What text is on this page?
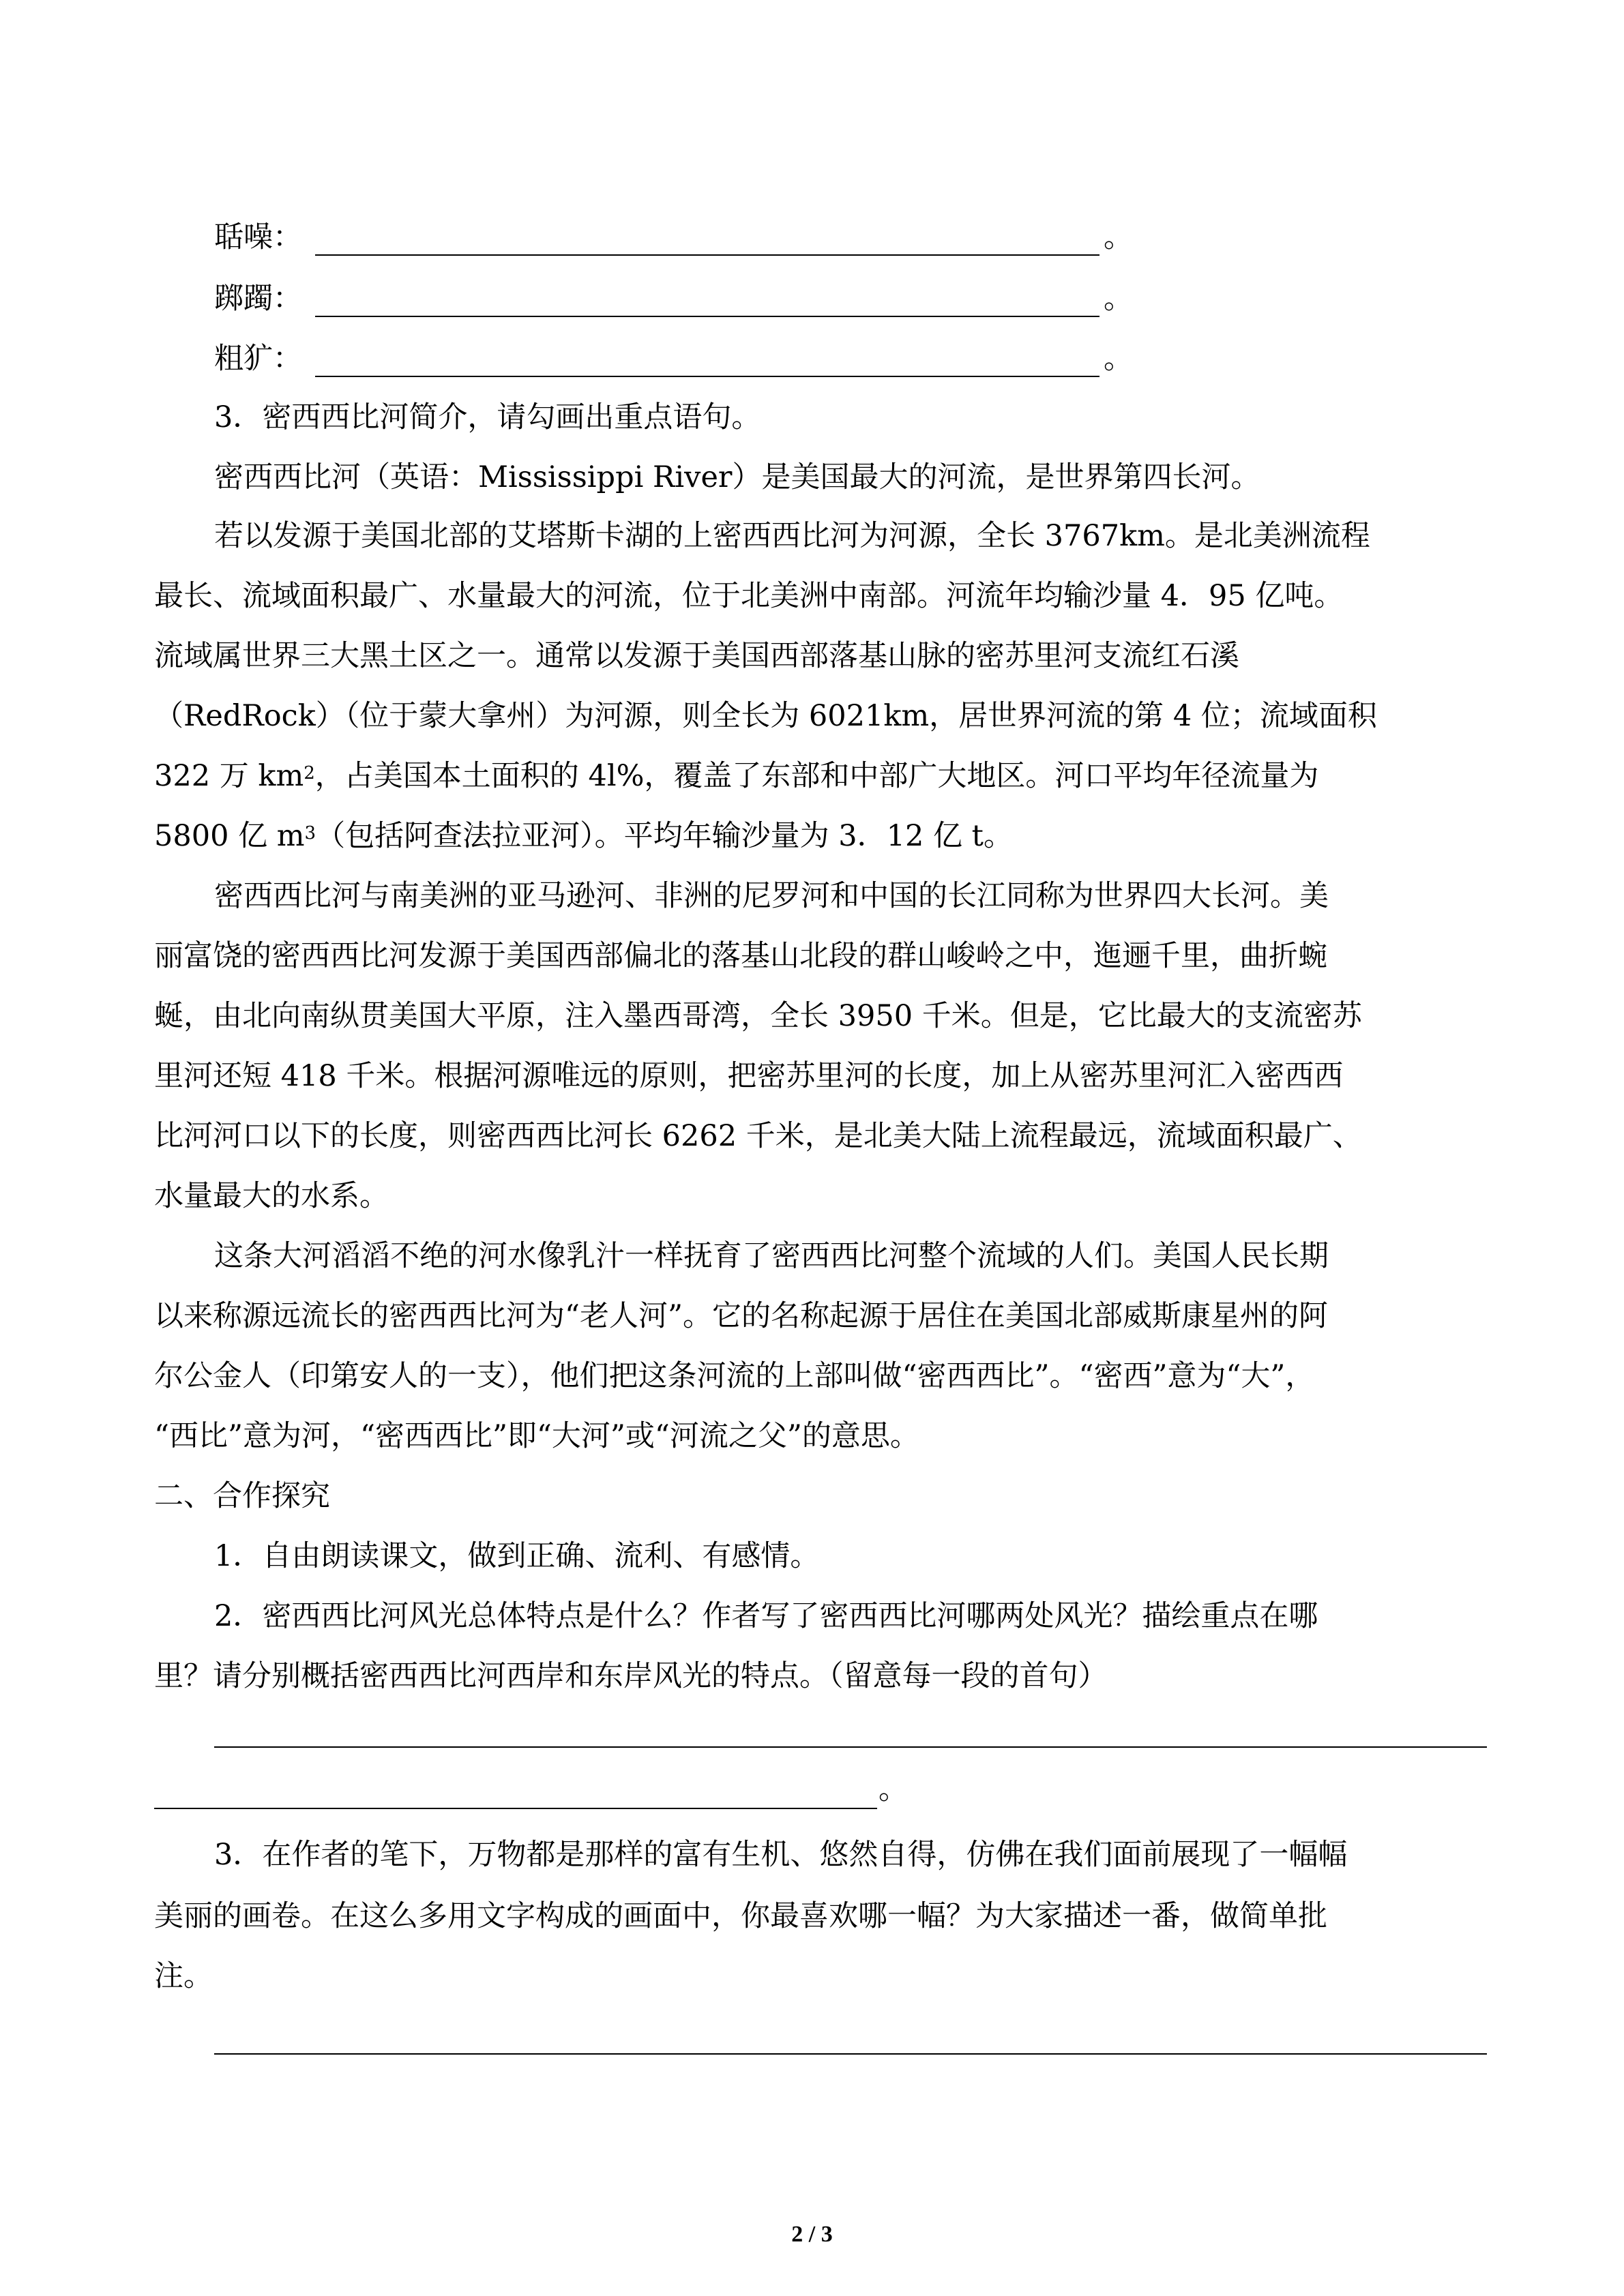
聒噪：	。
踯躅：	。
粗犷：	。
3．密西西比河简介，请勾画出重点语句。
密西西比河（英语：Mississippi River）是美国最大的河流，是世界第四长河。
若以发源于美国北部的艾塔斯卡湖的上密西西比河为河源，全长 3767km。是北美洲流程
最长、流域面积最广、水量最大的河流，位于北美洲中南部。河流年均输沙量 4．95 亿吨。
流域属世界三大黑土区之一。通常以发源于美国西部落基山脉的密苏里河支流红石溪
（RedRock）（位于蒙大拿州）为河源，则全长为 6021km，居世界河流的第 4 位；流域面积
322 万 $km^2$，占美国本土面积的 4l%，覆盖了东部和中部广大地区。河口平均年径流量为
5800 亿 $m^3$（包括阿查法拉亚河）。平均年输沙量为 3．12 亿 t。
密西西比河与南美洲的亚马逊河、非洲的尼罗河和中国的长江同称为世界四大长河。美
丽富饶的密西西比河发源于美国西部偏北的落基山北段的群山峻岭之中，迤逦千里，曲折蜿
蜒，由北向南纵贯美国大平原，注入墨西哥湾，全长 3950 千米。但是，它比最大的支流密苏
里河还短 418 千米。根据河源唯远的原则，把密苏里河的长度，加上从密苏里河汇入密西西
比河河口以下的长度，则密西西比河长 6262 千米，是北美大陆上流程最远，流域面积最广、
水量最大的水系。
这条大河滔滔不绝的河水像乳汁一样抚育了密西西比河整个流域的人们。美国人民长期
以来称源远流长的密西西比河为“老人河”。它的名称起源于居住在美国北部威斯康星州的阿
尔公金人（印第安人的一支），他们把这条河流的上部叫做“密西西比”。“密西”意为“大”，
“西比”意为河，“密西西比”即“大河”或“河流之父”的意思。
二、合作探究
1．自由朗读课文，做到正确、流利、有感情。
2．密西西比河风光总体特点是什么？作者写了密西西比河哪两处风光？描绘重点在哪
里？请分别概括密西西比河西岸和东岸风光的特点。（留意每一段的首句）
。
3．在作者的笔下，万物都是那样的富有生机、悠然自得，仿佛在我们面前展现了一幅幅
美丽的画卷。在这么多用文字构成的画面中，你最喜欢哪一幅？为大家描述一番，做简单批
注。
2 / 3
